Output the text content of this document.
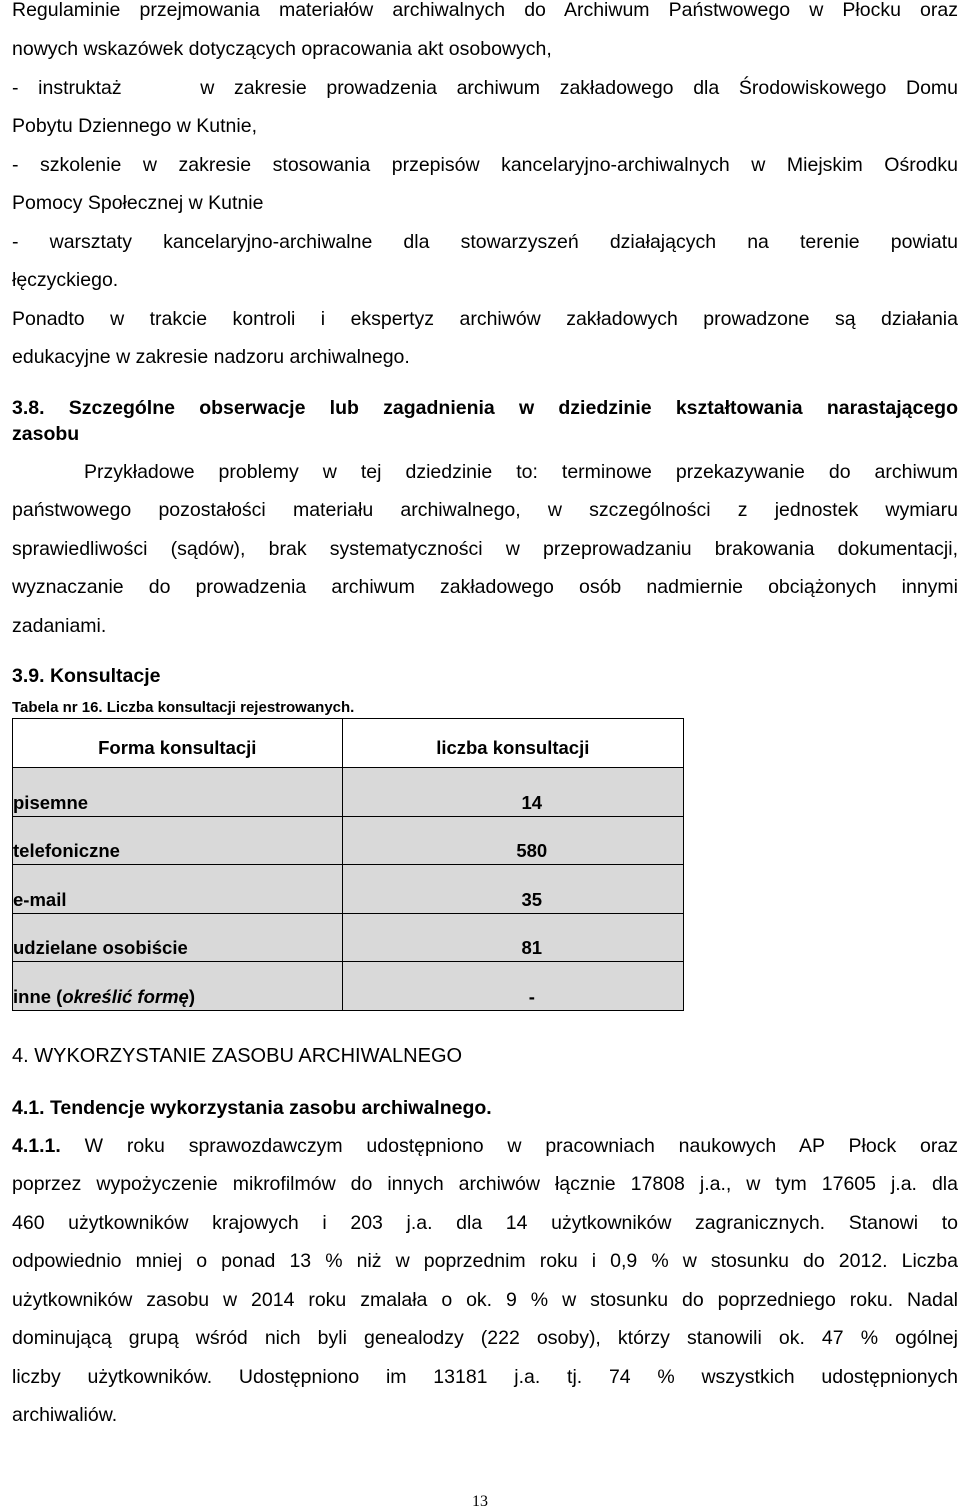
Regulaminie przejmowania materiałów archiwalnych do Archiwum Państwowego w Płocku oraz
nowych wskazówek dotyczących opracowania akt osobowych,
- instruktaż    w zakresie prowadzenia archiwum zakładowego dla Środowiskowego Domu
Pobytu Dziennego w Kutnie,
- szkolenie w zakresie stosowania przepisów kancelaryjno-archiwalnych w Miejskim Ośrodku
Pomocy Społecznej w Kutnie
- warsztaty kancelaryjno-archiwalne dla stowarzyszeń działających na terenie powiatu
łęczyckiego.
Ponadto w trakcie kontroli i ekspertyz archiwów zakładowych prowadzone są działania
edukacyjne w zakresie nadzoru archiwalnego.
3.8. Szczególne obserwacje lub zagadnienia w dziedzinie kształtowania narastającego
zasobu
Przykładowe problemy w tej dziedzinie to: terminowe przekazywanie do archiwum
państwowego pozostałości materiału archiwalnego, w szczególności z jednostek wymiaru
sprawiedliwości (sądów), brak systematyczności w przeprowadzaniu brakowania dokumentacji,
wyznaczanie do prowadzenia archiwum zakładowego osób nadmiernie obciążonych innymi
zadaniami.
3.9. Konsultacje
Tabela nr 16. Liczba konsultacji rejestrowanych.
Forma konsultacji	liczba konsultacji

pisemne	14

telefoniczne	580

e-mail	35

udzielane osobiście	81

inne (określić formę)	-
4. WYKORZYSTANIE ZASOBU ARCHIWALNEGO
4.1. Tendencje wykorzystania zasobu archiwalnego.
4.1.1. W roku sprawozdawczym udostępniono w pracowniach naukowych AP Płock oraz
poprzez wypożyczenie mikrofilmów do innych archiwów łącznie 17808 j.a., w tym 17605 j.a. dla
460 użytkowników krajowych i 203 j.a. dla 14 użytkowników zagranicznych. Stanowi to
odpowiednio mniej o ponad 13 % niż w poprzednim roku i 0,9 % w stosunku do 2012. Liczba
użytkowników zasobu w 2014 roku zmalała o ok. 9 % w stosunku do poprzedniego roku. Nadal
dominującą grupą wśród nich byli genealodzy (222 osoby), którzy stanowili ok. 47 % ogólnej
liczby użytkowników. Udostępniono im 13181 j.a. tj. 74 % wszystkich udostępnionych
archiwaliów.
13
